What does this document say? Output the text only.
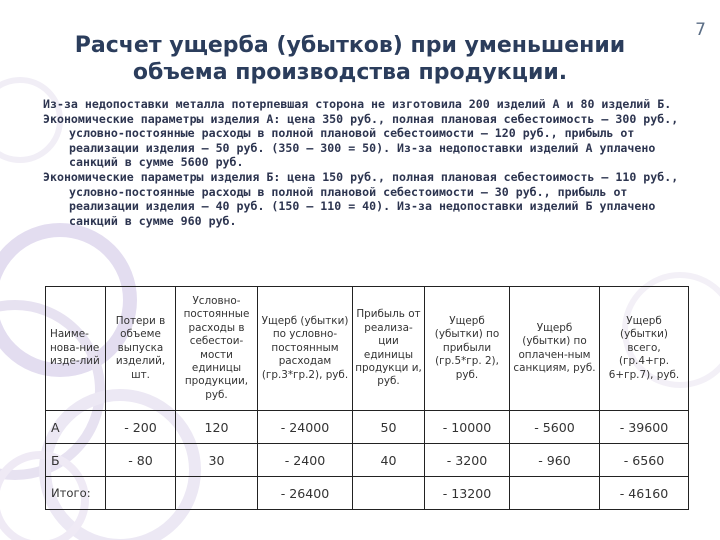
7
Расчет ущерба (убытков) при уменьшении
объема производства продукции.

Из-за недопоставки металла потерпевшая сторона не изготовила 200 изделий А и 80 изделий Б.

Экономические параметры изделия А: цена 350 руб., полная плановая себестоимость – 300 руб., условно-постоянные расходы в полной плановой себестоимости – 120 руб., прибыль от реализации изделия – 50 руб. (350 – 300 = 50). Из-за недопоставки изделий А уплачено санкций в сумме 5600 руб.

Экономические параметры изделия Б: цена 150 руб., полная плановая себестоимость – 110 руб., условно-постоянные расходы в полной плановой себестоимости – 30 руб., прибыль от реализации изделия – 40 руб. (150 – 110 = 40). Из-за недопоставки изделий Б уплачено санкций в сумме 960 руб.

Наиме-нова-ние изде-лий	Потери в объеме выпуска изделий, шт.	Условно-постоянные расходы в себестои-мости единицы продукции, руб.	Ущерб (убытки) по условно-постоянным расходам (гр.3*гр.2), руб.	Прибыль от реализа-ции единицы продукци и, руб.	Ущерб (убытки) по прибыли (гр.5*гр. 2), руб.	Ущерб (убытки) по оплачен-ным санкциям, руб.	Ущерб (убытки) всего, (гр.4+гр. 6+гр.7), руб.
А	- 200	120	- 24000	50	- 10000	- 5600	- 39600
Б	- 80	30	- 2400	40	- 3200	- 960	- 6560
Итого:			- 26400		- 13200		- 46160
